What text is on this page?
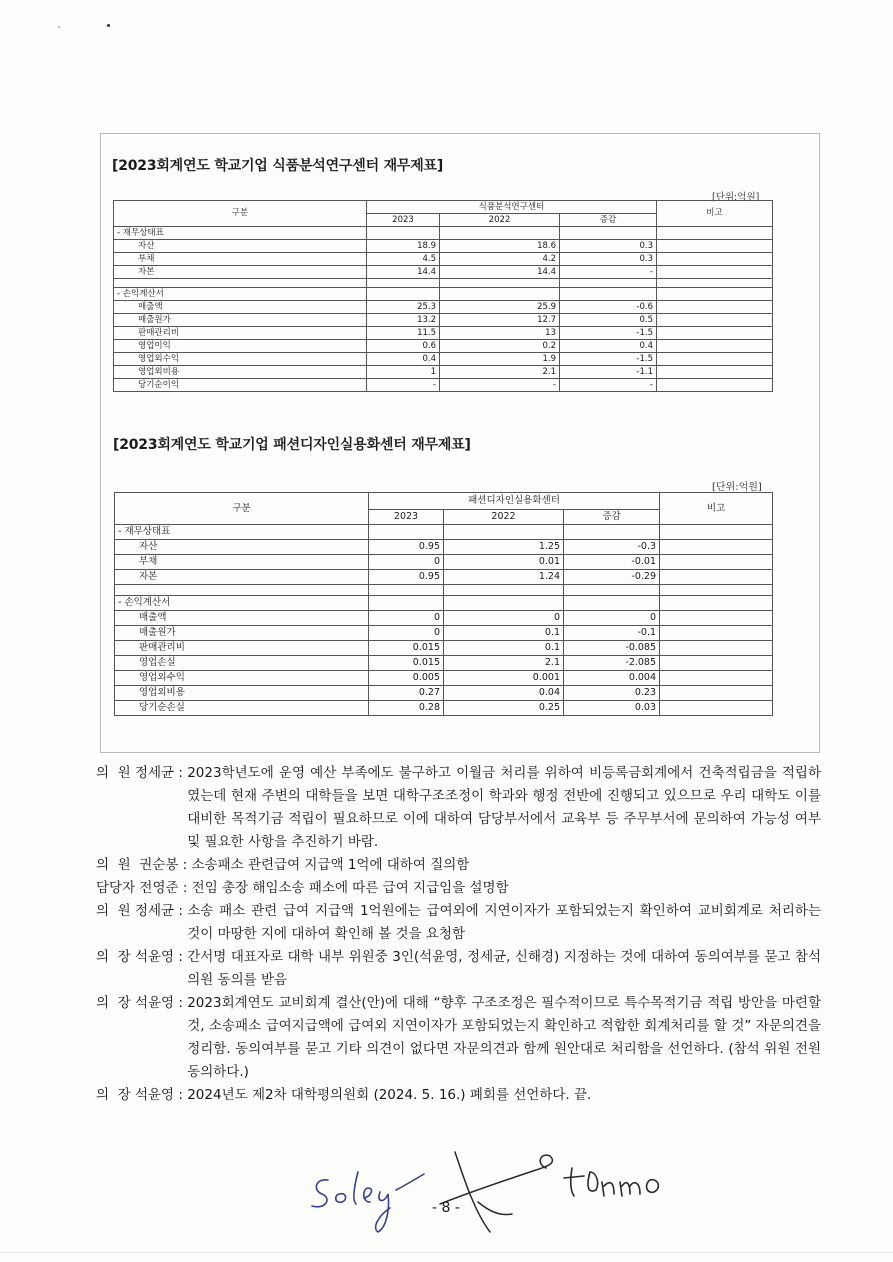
[2023회계연도 학교기업 식품분석연구센터 재무제표]
[단위:억원]
구분	식품분석연구센터			비고
	2023	2022	증감	
- 재무상태표				
자산	18.9	18.6	0.3	
부채	4.5	4.2	0.3	
자본	14.4	14.4	-	

- 손익계산서				
매출액	25.3	25.9	-0.6	
매출원가	13.2	12.7	0.5	
판매관리비	11.5	13	-1.5	
영업이익	0.6	0.2	0.4	
영업외수익	0.4	1.9	-1.5	
영업외비용	1	2.1	-1.1	
당기순이익	-	-	-	
[2023회계연도 학교기업 패션디자인실용화센터 재무제표]
[단위:억원]
구분	패션디자인실용화센터			비고
	2023	2022	증감	
- 재무상태표				
자산	0.95	1.25	-0.3	
부채	0	0.01	-0.01	
자본	0.95	1.24	-0.29	

- 손익계산서				
매출액	0	0	0	
매출원가	0	0.1	-0.1	
판매관리비	0.015	0.1	-0.085	
영업손실	0.015	2.1	-2.085	
영업외수익	0.005	0.001	0.004	
영업외비용	0.27	0.04	0.23	
당기순손실	0.28	0.25	0.03	
의  원 정세균 : 2023학년도에 운영 예산 부족에도 불구하고 이월금 처리를 위하여 비등록금회계에서 건축적립금을 적립하였는데 현재 주변의 대학들을 보면 대학구조조정이 학과와 행정 전반에 진행되고 있으므로 우리 대학도 이를 대비한 목적기금 적립이 필요하므로 이에 대하여 담당부서에서 교육부 등 주무부서에 문의하여 가능성 여부 및 필요한 사항을 추진하기 바람.
의  원  권순봉 : 소송패소 관련급여 지급액 1억에 대하여 질의함
담당자 전영준 : 전임 총장 해임소송 패소에 따른 급여 지급임을 설명함
의  원 정세균 : 소송 패소 관련 급여 지급액 1억원에는 급여외에 지연이자가 포함되었는지 확인하여 교비회계로 처리하는 것이 마땅한 지에 대하여 확인해 볼 것을 요청함
의  장 석윤영 : 간서명 대표자로 대학 내부 위원중 3인(석윤영, 정세균, 신해경) 지정하는 것에 대하여 동의여부를 묻고 참석 의원 동의를 받음
의  장 석윤영 : 2023회계연도 교비회계 결산(안)에 대해 “향후 구조조정은 필수적이므로 특수목적기금 적립 방안을 마련할 것, 소송패소 급여지급액에 급여외 지연이자가 포함되었는지 확인하고 적합한 회계처리를 할 것” 자문의견을 정리함. 동의여부를 묻고 기타 의견이 없다면 자문의견과 함께 원안대로 처리함을 선언하다. (참석 위원 전원 동의하다.)
의  장 석윤영 : 2024년도 제2차 대학평의원회 (2024. 5. 16.) 폐회를 선언하다. 끝.
- 8 -
